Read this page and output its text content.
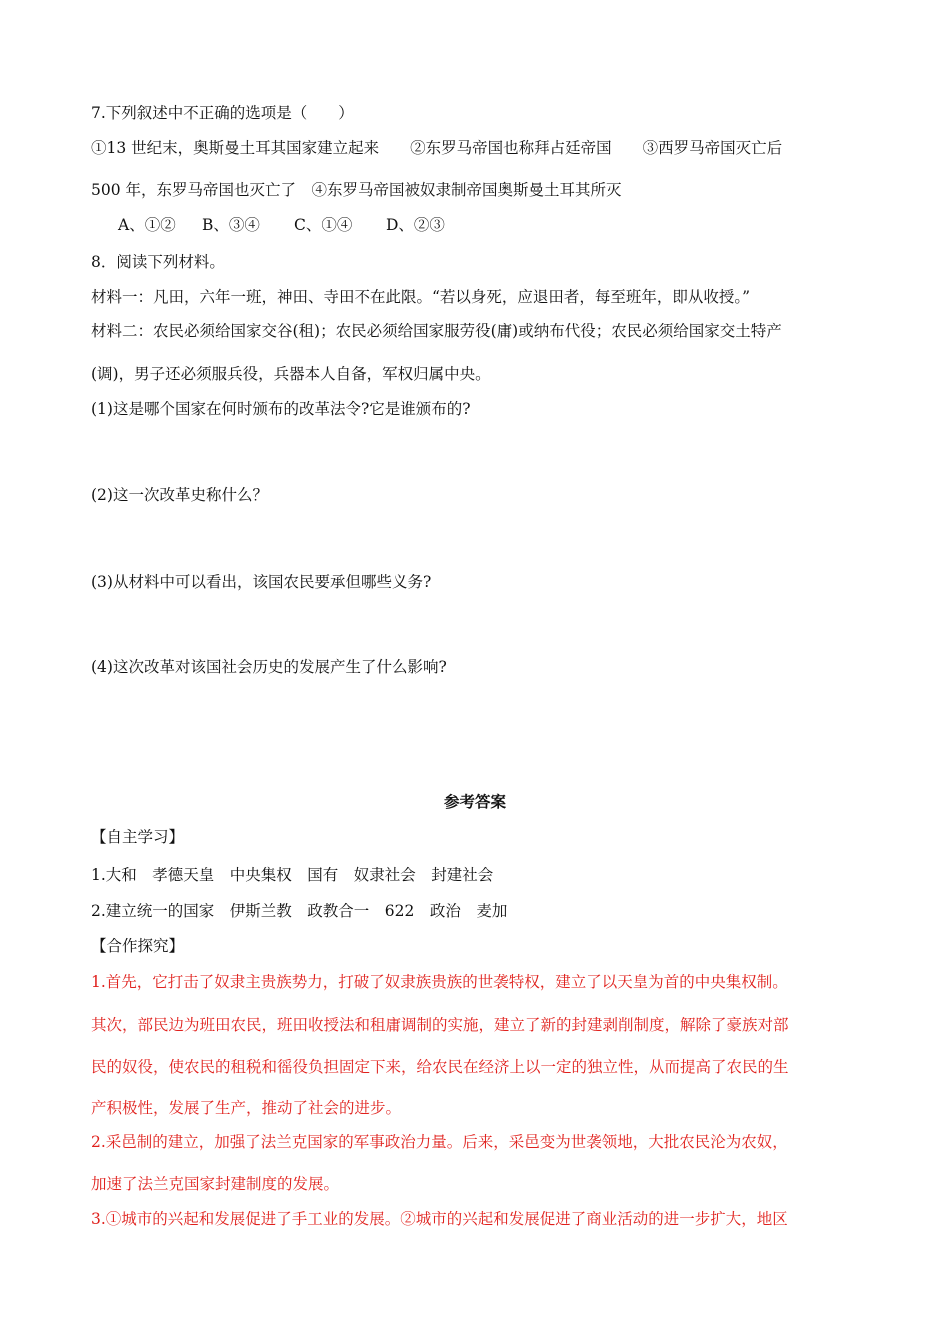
7.下列叙述中不正确的选项是（　　）
①13 世纪末，奥斯曼土耳其国家建立起来　　②东罗马帝国也称拜占廷帝国　　③西罗马帝国灭亡后
500 年，东罗马帝国也灭亡了　④东罗马帝国被奴隶制帝国奥斯曼土耳其所灭
A、①② B、③④ C、①④ D、②③
8．阅读下列材料。
材料一：凡田，六年一班，神田、寺田不在此限。“若以身死，应退田者，每至班年，即从收授。”
材料二：农民必须给国家交谷(租)；农民必须给国家服劳役(庸)或纳布代役；农民必须给国家交土特产
(调)，男子还必须服兵役，兵器本人自备，军权归属中央。
(1)这是哪个国家在何时颁布的改革法令?它是谁颁布的?
(2)这一次改革史称什么？
(3)从材料中可以看出，该国农民要承但哪些义务?
(4)这次改革对该国社会历史的发展产生了什么影响?
参考答案
【自主学习】
1.大和　孝德天皇　中央集权　国有　奴隶社会　封建社会
2.建立统一的国家　伊斯兰教　政教合一　622　政治　麦加
【合作探究】
1.首先，它打击了奴隶主贵族势力，打破了奴隶族贵族的世袭特权，建立了以天皇为首的中央集权制。
其次，部民边为班田农民，班田收授法和租庸调制的实施，建立了新的封建剥削制度，解除了豪族对部
民的奴役，使农民的租税和徭役负担固定下来，给农民在经济上以一定的独立性，从而提高了农民的生
产积极性，发展了生产，推动了社会的进步。
2.采邑制的建立，加强了法兰克国家的军事政治力量。后来，采邑变为世袭领地，大批农民沦为农奴，
加速了法兰克国家封建制度的发展。
3.①城市的兴起和发展促进了手工业的发展。②城市的兴起和发展促进了商业活动的进一步扩大，地区
